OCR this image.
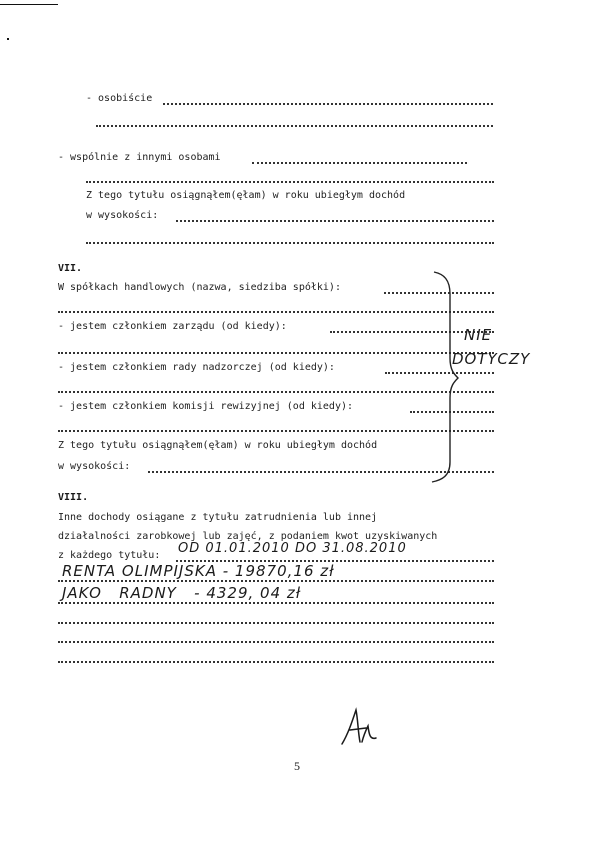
- osobiście
- wspólnie z innymi osobami
Z tego tytułu osiągnąłem(ęłam) w roku ubiegłym dochód
w wysokości:
VII.
W spółkach handlowych (nazwa, siedziba spółki):
- jestem członkiem zarządu (od kiedy):
- jestem członkiem rady nadzorczej (od kiedy):
- jestem członkiem komisji rewizyjnej (od kiedy):
Z tego tytułu osiągnąłem(ęłam) w roku ubiegłym dochód
w wysokości:
NIE
DOTYCZY
VIII.
Inne dochody osiągane z tytułu zatrudnienia lub innej
działalności zarobkowej lub zajęć, z podaniem kwot uzyskiwanych
z każdego tytułu: OD 01.01.2010 DO 31.08.2010
RENTA OLIMPIJSKA - 19870,16 zł
JAKO   RADNY   - 4329, 04 zł
5
